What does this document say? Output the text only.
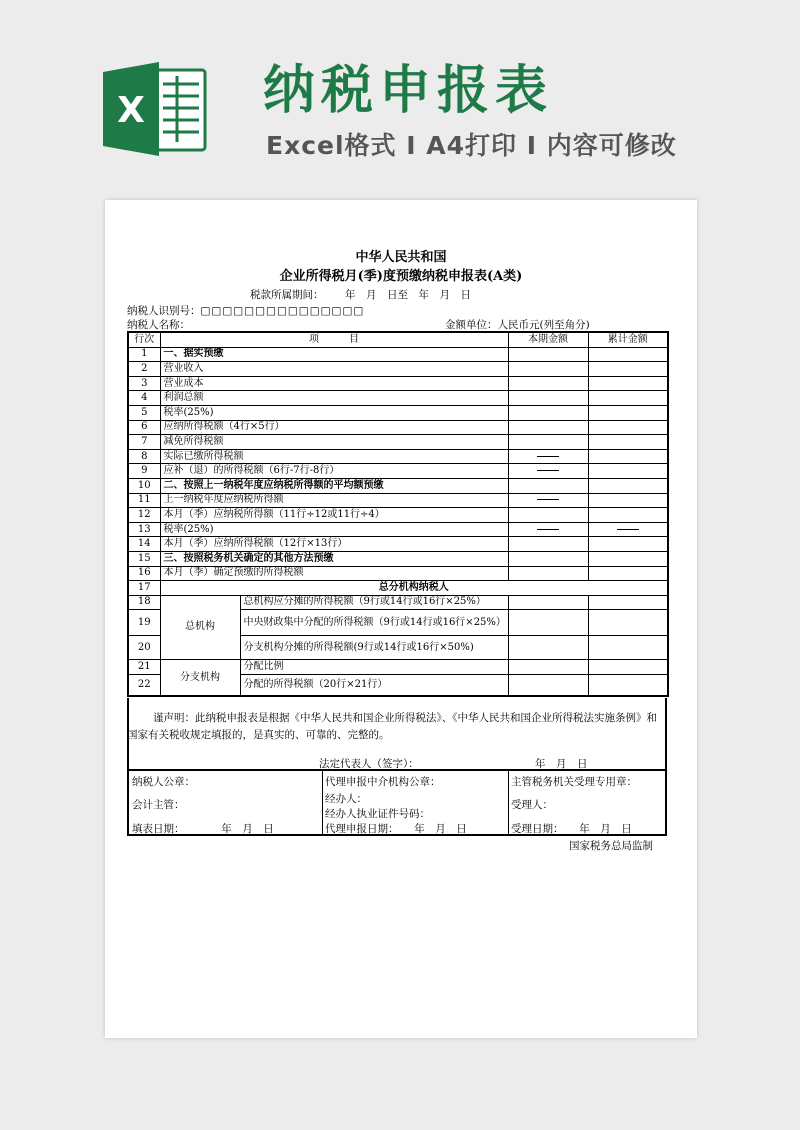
X 纳税申报表
Excel格式 I A4打印 I 内容可修改
中华人民共和国
企业所得税月(季)度预缴纳税申报表(A类)
税款所属期间： 年　月　日至　年　月　日
纳税人识别号：□□□□□□□□□□□□□□□
纳税人名称：	金额单位：人民币元(列至角分)
行次	项　　　目		本期金额	累计金额
1	一、据实预缴			
2	营业收入			
3	营业成本			
4	利润总额			
5	税率(25%)			
6	应纳所得税额（4行×5行）			
7	减免所得税额			
8	实际已缴所得税额			
9	应补（退）的所得税额（6行-7行-8行）			
10	二、按照上一纳税年度应纳税所得额的平均额预缴			
11	上一纳税年度应纳税所得额			
12	本月（季）应纳税所得额（11行÷12或11行÷4）			
13	税率(25%)			
14	本月（季）应纳所得税额（12行×13行）			
15	三、按照税务机关确定的其他方法预缴			
16	本月（季）确定预缴的所得税额			
17	总分机构纳税人			
18	总机构	总机构应分摊的所得税额（9行或14行或16行×25%）		
19		中央财政集中分配的所得税额（9行或14行或16行×25%）		
20		分支机构分摊的所得税额(9行或14行或16行×50%)		
21	分支机构	分配比例		
22		分配的所得税额（20行×21行）		
谨声明：此纳税申报表是根据《中华人民共和国企业所得税法》、《中华人民共和国企业所得税法实施条例》和国家有关税收规定填报的，是真实的、可靠的、完整的。
法定代表人（签字）：	年　月　日
纳税人公章：
会计主管：
填表日期：　　　　年　月　日
代理申报中介机构公章：
经办人：
经办人执业证件号码：
代理申报日期：　　年　月　日
主管税务机关受理专用章：
受理人：
受理日期：　　年　月　日
国家税务总局监制
